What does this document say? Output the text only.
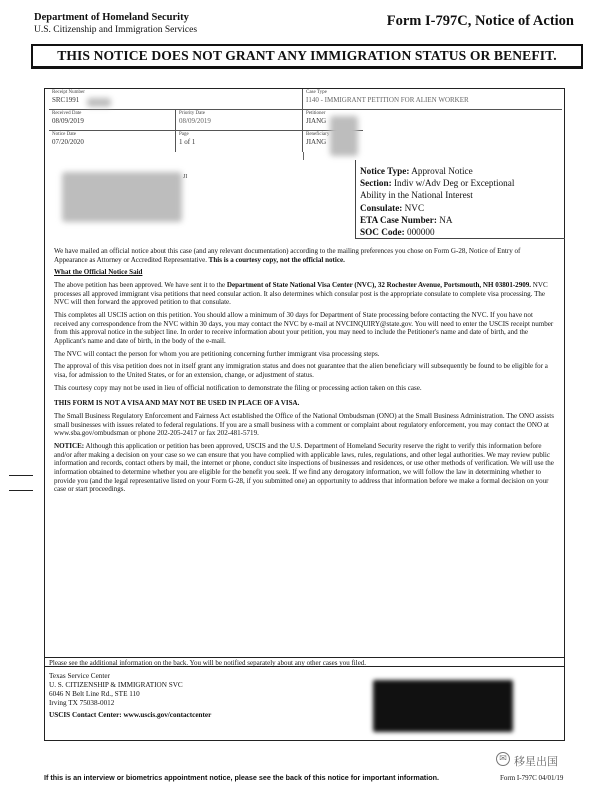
Department of Homeland Security
U.S. Citizenship and Immigration Services
Form I-797C, Notice of Action
THIS NOTICE DOES NOT GRANT ANY IMMIGRATION STATUS OR BENEFIT.
Receipt Number
SRC1991
Case Type
I140 - IMMIGRANT PETITION FOR ALIEN WORKER
Received Date
08/09/2019
Priority Date
08/09/2019
Petitioner
JIANG
Notice Date
07/20/2020
Page
1 of 1
Beneficiary
JIANG
JI
Notice Type: Approval Notice
Section: Indiv w/Adv Deg or Exceptional
Ability in the National Interest
Consulate: NVC
ETA Case Number: NA
SOC Code: 000000

We have mailed an official notice about this case (and any relevant documentation) according to the mailing preferences you chose on Form G-28, Notice of Entry of Appearance as Attorney or Accredited Representative. This is a courtesy copy, not the official notice.

What the Official Notice Said

The above petition has been approved. We have sent it to the Department of State National Visa Center (NVC), 32 Rochester Avenue, Portsmouth, NH 03801-2909. NVC processes all approved immigrant visa petitions that need consular action. It also determines which consular post is the appropriate consulate to complete visa processing. The NVC will then forward the approved petition to that consulate.

This completes all USCIS action on this petition. You should allow a minimum of 30 days for Department of State processing before contacting the NVC. If you have not received any correspondence from the NVC within 30 days, you may contact the NVC by e-mail at NVCINQUIRY@state.gov. You will need to enter the USCIS receipt number from this approval notice in the subject line. In order to receive information about your petition, you may need to include the Petitioner's name and date of birth, and the Applicant's name and date of birth, in the body of the e-mail.

The NVC will contact the person for whom you are petitioning concerning further immigrant visa processing steps.

The approval of this visa petition does not in itself grant any immigration status and does not guarantee that the alien beneficiary will subsequently be found to be eligible for a visa, for admission to the United States, or for an extension, change, or adjustment of status.

This courtesy copy may not be used in lieu of official notification to demonstrate the filing or processing action taken on this case.

THIS FORM IS NOT A VISA AND MAY NOT BE USED IN PLACE OF A VISA.

The Small Business Regulatory Enforcement and Fairness Act established the Office of the National Ombudsman (ONO) at the Small Business Administration. The ONO assists small businesses with issues related to federal regulations. If you are a small business with a comment or complaint about regulatory enforcement, you may contact the ONO at www.sba.gov/ombudsman or phone 202-205-2417 or fax 202-481-5719.

NOTICE: Although this application or petition has been approved, USCIS and the U.S. Department of Homeland Security reserve the right to verify this information before and/or after making a decision on your case so we can ensure that you have complied with applicable laws, rules, regulations, and other legal authorities. We may review public information and records, contact others by mail, the internet or phone, conduct site inspections of businesses and residences, or use other methods of verification. We will use the information obtained to determine whether you are eligible for the benefit you seek. If we find any derogatory information, we will follow the law in determining whether to provide you (and the legal representative listed on your Form G-28, if you submitted one) an opportunity to address that information before we make a formal decision on your case or start proceedings.

Please see the additional information on the back. You will be notified separately about any other cases you filed.
Texas Service Center
U. S. CITIZENSHIP & IMMIGRATION SVC
6046 N Belt Line Rd., STE 110
Irving TX 75038-0012
USCIS Contact Center: www.uscis.gov/contactcenter
✉ 移星出国
If this is an interview or biometrics appointment notice, please see the back of this notice for important information.	Form I-797C 04/01/19
